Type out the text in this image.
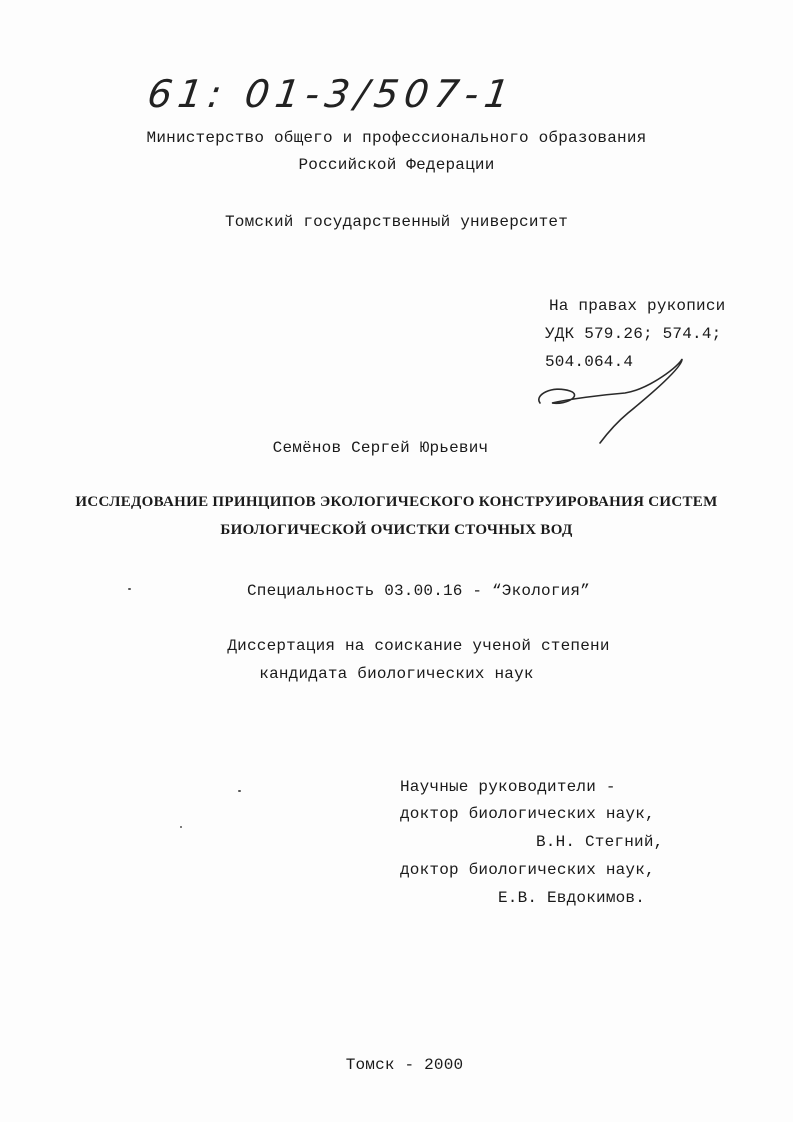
61: 01-3/507-1
Министерство общего и профессионального образования
Российской Федерации
Томский государственный университет
На правах рукописи
УДК 579.26; 574.4;
504.064.4
Семёнов Сергей Юрьевич
ИССЛЕДОВАНИЕ ПРИНЦИПОВ ЭКОЛОГИЧЕСКОГО КОНСТРУИРОВАНИЯ СИСТЕМ
БИОЛОГИЧЕСКОЙ ОЧИСТКИ СТОЧНЫХ ВОД
Специальность 03.00.16 - “Экология”
Диссертация на соискание ученой степени
кандидата биологических наук
Научные руководители -
доктор биологических наук,
В.Н. Стегний,
доктор биологических наук,
Е.В. Евдокимов.
Томск - 2000
